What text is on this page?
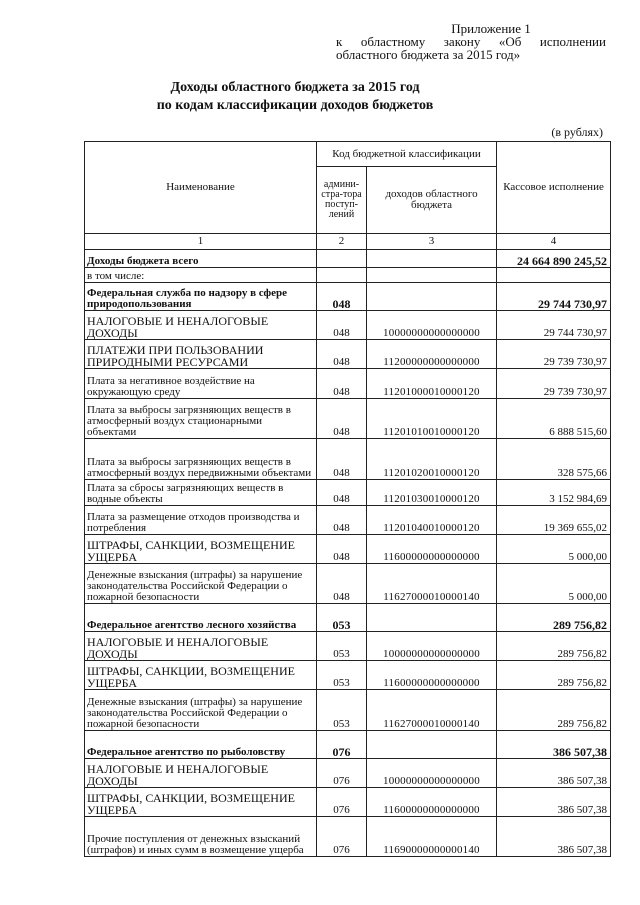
Приложение 1
к областному закону «Об исполнении
областного бюджета за 2015 год»
Доходы областного бюджета за 2015 год
по кодам классификации доходов бюджетов
(в рублях)
Наименование	Код бюджетной классификации		Кассовое исполнение
	админи-стра-тора поступ-лений	доходов областного бюджета	
1	2	3	4
Доходы бюджета всего			24 664 890 245,52
в том числе:			
Федеральная служба по надзору в сфере природопользования	048		29 744 730,97
НАЛОГОВЫЕ И НЕНАЛОГОВЫЕ ДОХОДЫ	048	10000000000000000	29 744 730,97
ПЛАТЕЖИ ПРИ ПОЛЬЗОВАНИИ ПРИРОДНЫМИ РЕСУРСАМИ	048	11200000000000000	29 739 730,97
Плата за негативное воздействие на окружающую среду	048	11201000010000120	29 739 730,97
Плата за выбросы загрязняющих веществ в атмосферный воздух стационарными объектами	048	11201010010000120	6 888 515,60
Плата за выбросы загрязняющих веществ в атмосферный воздух передвижными объектами	048	11201020010000120	328 575,66
Плата за сбросы загрязняющих веществ в водные объекты	048	11201030010000120	3 152 984,69
Плата за размещение отходов производства и потребления	048	11201040010000120	19 369 655,02
ШТРАФЫ, САНКЦИИ, ВОЗМЕЩЕНИЕ УЩЕРБА	048	11600000000000000	5 000,00
Денежные взыскания (штрафы) за нарушение законодательства Российской Федерации о пожарной безопасности	048	11627000010000140	5 000,00
Федеральное агентство лесного хозяйства	053		289 756,82
НАЛОГОВЫЕ И НЕНАЛОГОВЫЕ ДОХОДЫ	053	10000000000000000	289 756,82
ШТРАФЫ, САНКЦИИ, ВОЗМЕЩЕНИЕ УЩЕРБА	053	11600000000000000	289 756,82
Денежные взыскания (штрафы) за нарушение законодательства Российской Федерации о пожарной безопасности	053	11627000010000140	289 756,82
Федеральное агентство по рыболовству	076		386 507,38
НАЛОГОВЫЕ И НЕНАЛОГОВЫЕ ДОХОДЫ	076	10000000000000000	386 507,38
ШТРАФЫ, САНКЦИИ, ВОЗМЕЩЕНИЕ УЩЕРБА	076	11600000000000000	386 507,38
Прочие поступления от денежных взысканий (штрафов) и иных сумм в возмещение ущерба	076	11690000000000140	386 507,38
